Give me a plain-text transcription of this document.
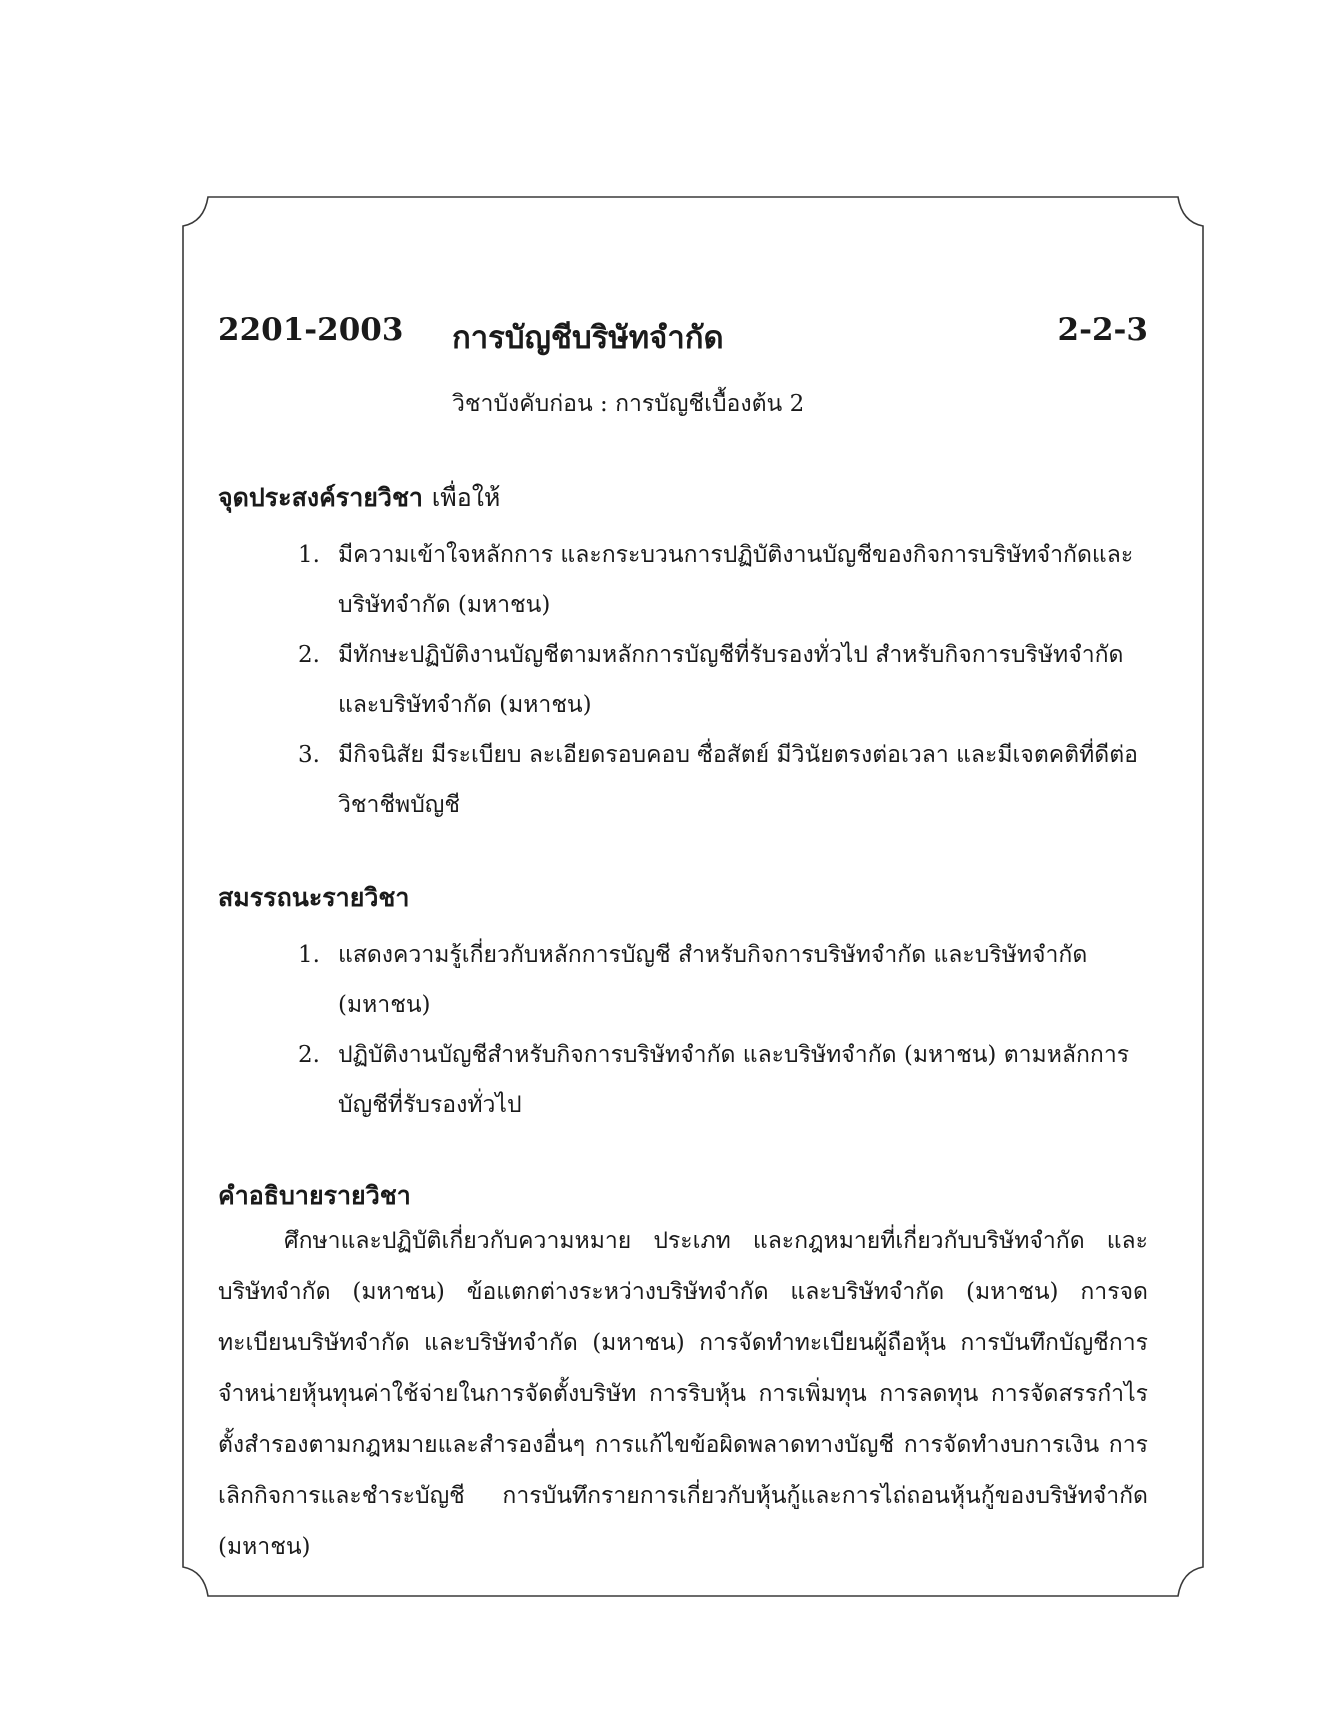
2201-2003 การบัญชีบริษัทจำกัด	2-2-3
วิชาบังคับก่อน : การบัญชีเบื้องต้น 2
จุดประสงค์รายวิชา เพื่อให้
1. มีความเข้าใจหลักการ และกระบวนการปฏิบัติงานบัญชีของกิจการบริษัทจำกัดและบริษัทจำกัด (มหาชน)
2. มีทักษะปฏิบัติงานบัญชีตามหลักการบัญชีที่รับรองทั่วไป สำหรับกิจการบริษัทจำกัดและบริษัทจำกัด (มหาชน)
3. มีกิจนิสัย มีระเบียบ ละเอียดรอบคอบ ซื่อสัตย์ มีวินัยตรงต่อเวลา และมีเจตคติที่ดีต่อวิชาชีพบัญชี
สมรรถนะรายวิชา
1. แสดงความรู้เกี่ยวกับหลักการบัญชี สำหรับกิจการบริษัทจำกัด และบริษัทจำกัด (มหาชน)
2. ปฏิบัติงานบัญชีสำหรับกิจการบริษัทจำกัด และบริษัทจำกัด (มหาชน) ตามหลักการบัญชีที่รับรองทั่วไป
คำอธิบายรายวิชา

ศึกษาและปฏิบัติเกี่ยวกับความหมาย ประเภท และกฎหมายที่เกี่ยวกับบริษัทจำกัด และบริษัทจำกัด (มหาชน) ข้อแตกต่างระหว่างบริษัทจำกัด และบริษัทจำกัด (มหาชน) การจดทะเบียนบริษัทจำกัด และบริษัทจำกัด (มหาชน) การจัดทำทะเบียนผู้ถือหุ้น การบันทึกบัญชีการจำหน่ายหุ้นทุนค่าใช้จ่ายในการจัดตั้งบริษัท การริบหุ้น การเพิ่มทุน การลดทุน การจัดสรรกำไร ตั้งสำรองตามกฎหมายและสำรองอื่นๆ การแก้ไขข้อผิดพลาดทางบัญชี การจัดทำงบการเงิน การเลิกกิจการและชำระบัญชี การบันทึกรายการเกี่ยวกับหุ้นกู้และการไถ่ถอนหุ้นกู้ของบริษัทจำกัด (มหาชน)
